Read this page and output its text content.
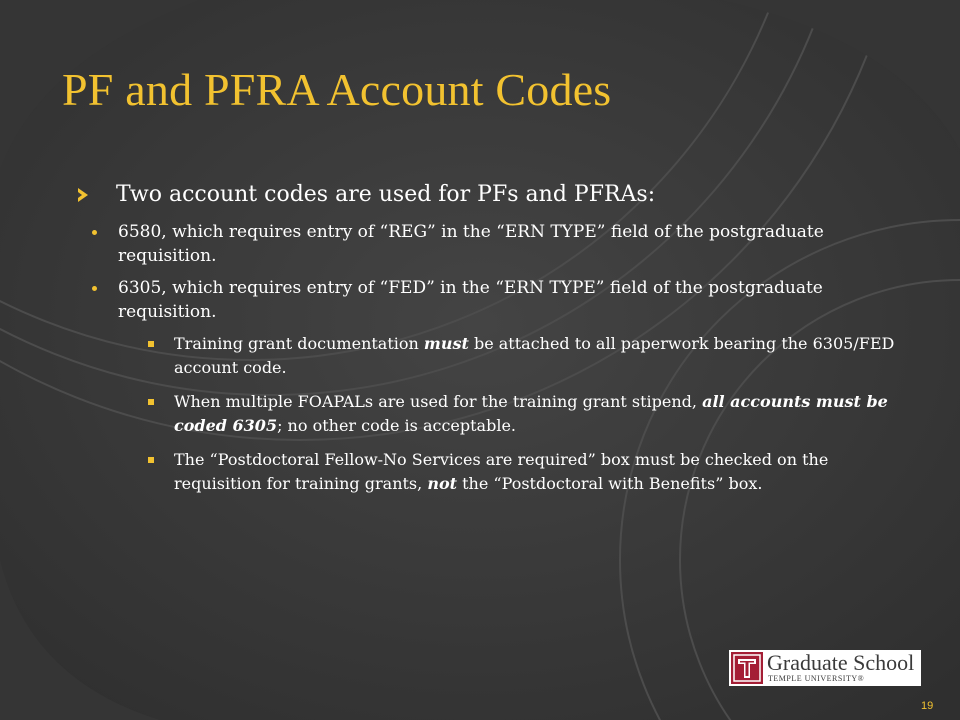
PF and PFRA Account Codes
Two account codes are used for PFs and PFRAs:
6580, which requires entry of “REG” in the “ERN TYPE” field of the postgraduate requisition.
6305, which requires entry of “FED” in the “ERN TYPE” field of the postgraduate requisition.
Training grant documentation must be attached to all paperwork bearing the 6305/FED account code.
When multiple FOAPALs are used for the training grant stipend, all accounts must be coded 6305; no other code is acceptable.
The “Postdoctoral Fellow-No Services are required” box must be checked on the requisition for training grants, not the “Postdoctoral with Benefits” box.
Graduate School
TEMPLE UNIVERSITY®
19
